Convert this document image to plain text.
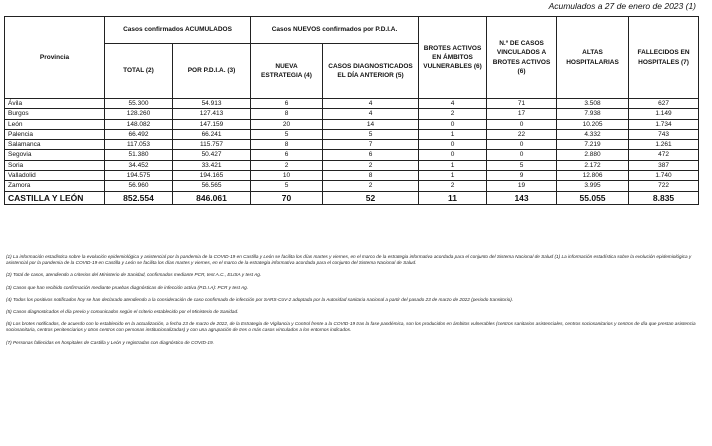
Acumulados a 27 de enero de 2023 (1)
Provincia	Casos confirmados ACUMULADOS		Casos NUEVOS confirmados por P.D.I.A.		BROTES ACTIVOS EN ÁMBITOS VULNERABLES (6)	N.º DE CASOS VINCULADOS A BROTES ACTIVOS (6)	ALTAS HOSPITALARIAS	FALLECIDOS EN HOSPITALES (7)
	TOTAL (2)	POR P.D.I.A. (3)	NUEVA ESTRATEGIA (4)	CASOS DIAGNOSTICADOS EL DÍA ANTERIOR (5)				
Ávila	55.300	54.913	6	4	4	71	3.508	627
Burgos	128.260	127.413	8	4	2	17	7.938	1.149
León	148.082	147.159	20	14	0	0	10.205	1.734
Palencia	66.492	66.241	5	5	1	22	4.332	743
Salamanca	117.053	115.757	8	7	0	0	7.219	1.261
Segovia	51.380	50.427	6	6	0	0	2.880	472
Soria	34.452	33.421	2	2	1	5	2.172	387
Valladolid	194.575	194.165	10	8	1	9	12.806	1.740
Zamora	56.960	56.565	5	2	2	19	3.995	722
CASTILLA Y LEÓN	852.554	846.061	70	52	11	143	55.055	8.835

(1) La información estadística sobre la evolución epidemiológica y asistencial por la pandemia de la COVID-19 en Castilla y León se facilita los días martes y viernes, en el marco de la estrategia informativa acordada para el conjunto del Sistema Nacional de Salud (1) La información estadística sobre la evolución epidemiológica y asistencial por la pandemia de la COVID-19 en Castilla y León se facilita los días martes y viernes, en el marco de la estrategia informativa acordada para el conjunto del Sistema Nacional de Salud.

(2) Total de casos, atendiendo a criterios del Ministerio de Sanidad, confirmados mediante PCR, test A.C., ELISA y test Ag.

(3) Casos que han recibido confirmación mediante pruebas diagnósticas de infección activa (P.D.I.A): PCR y test Ag.

(4) Todos los positivos notificados hoy se han declarado atendiendo a la consideración de caso confirmado de infección por SARS-CoV-2 adoptada por la Autoridad sanitaria nacional a partir del pasado 23 de marzo de 2022 (periodo transitorio).

(5) Casos diagnosticados el día previo y comunicados según el criterio establecido por el Ministerio de Sanidad.

(6) Los brotes notificados, de acuerdo con lo establecido en la actualización, a fecha 23 de marzo de 2022, de la Estrategia de Vigilancia y Control frente a la COVID-19 tras la fase pandémica, son los producidos en ámbitos vulnerables (centros sanitarios asistenciales, centros sociosanitarios y centros de día que prestan asistencia sociosanitaria, centros penitenciarios y otros centros con personas institucionalizadas) y con una agrupación de tres o más casos vinculados a los entornos indicados.

(7) Personas fallecidas en hospitales de Castilla y León y registradas con diagnóstico de COVID-19.
